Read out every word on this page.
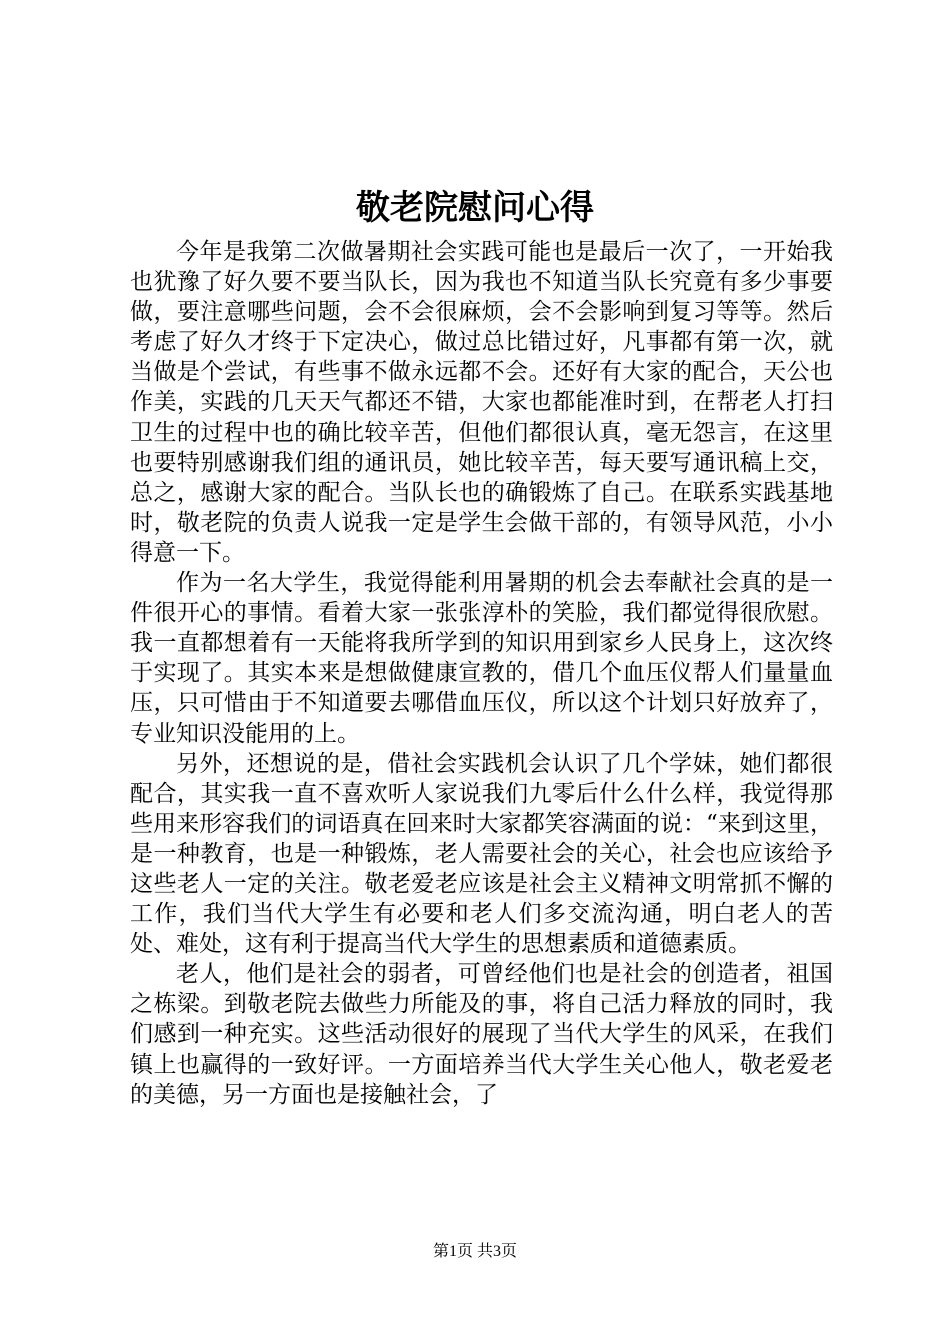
敬老院慰问心得

今年是我第二次做暑期社会实践可能也是最后一次了，一开始我也犹豫了好久要不要当队长，因为我也不知道当队长究竟有多少事要做，要注意哪些问题，会不会很麻烦，会不会影响到复习等等。然后考虑了好久才终于下定决心，做过总比错过好，凡事都有第一次，就当做是个尝试，有些事不做永远都不会。还好有大家的配合，天公也作美，实践的几天天气都还不错，大家也都能准时到，在帮老人打扫卫生的过程中也的确比较辛苦，但他们都很认真，毫无怨言，在这里也要特别感谢我们组的通讯员，她比较辛苦，每天要写通讯稿上交，总之，感谢大家的配合。当队长也的确锻炼了自己。在联系实践基地时，敬老院的负责人说我一定是学生会做干部的，有领导风范，小小得意一下。

作为一名大学生，我觉得能利用暑期的机会去奉献社会真的是一件很开心的事情。看着大家一张张淳朴的笑脸，我们都觉得很欣慰。我一直都想着有一天能将我所学到的知识用到家乡人民身上，这次终于实现了。其实本来是想做健康宣教的，借几个血压仪帮人们量量血压，只可惜由于不知道要去哪借血压仪，所以这个计划只好放弃了，专业知识没能用的上。

另外，还想说的是，借社会实践机会认识了几个学妹，她们都很配合，其实我一直不喜欢听人家说我们九零后什么什么样，我觉得那些用来形容我们的词语真在回来时大家都笑容满面的说：“来到这里，是一种教育，也是一种锻炼，老人需要社会的关心，社会也应该给予这些老人一定的关注。敬老爱老应该是社会主义精神文明常抓不懈的工作，我们当代大学生有必要和老人们多交流沟通，明白老人的苦处、难处，这有利于提高当代大学生的思想素质和道德素质。

老人，他们是社会的弱者，可曾经他们也是社会的创造者，祖国之栋梁。到敬老院去做些力所能及的事，将自己活力释放的同时，我们感到一种充实。这些活动很好的展现了当代大学生的风采，在我们镇上也赢得的一致好评。一方面培养当代大学生关心他人，敬老爱老的美德，另一方面也是接触社会，了

第1页 共3页
